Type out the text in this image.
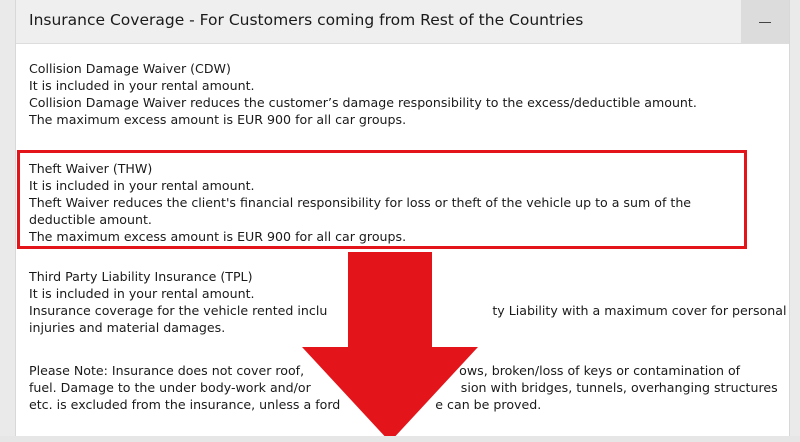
Insurance Coverage - For Customers coming from Rest of the Countries
Collision Damage Waiver (CDW)
It is included in your rental amount.
Collision Damage Waiver reduces the customer’s damage responsibility to the excess/deductible amount.
The maximum excess amount is EUR 900 for all car groups.
Theft Waiver (THW)
It is included in your rental amount.
Theft Waiver reduces the client's financial responsibility for loss or theft of the vehicle up to a sum of the
deductible amount.
The maximum excess amount is EUR 900 for all car groups.
Third Party Liability Insurance (TPL)
It is included in your rental amount.
Insurance coverage for the vehicle rented inclu	ty Liability with a maximum cover for personal
injuries and material damages.
Please Note: Insurance does not cover roof,	ows, broken/loss of keys or contamination of
fuel. Damage to the under body-work and/or	sion with bridges, tunnels, overhanging structures
etc. is excluded from the insurance, unless a ford	e can be proved.
